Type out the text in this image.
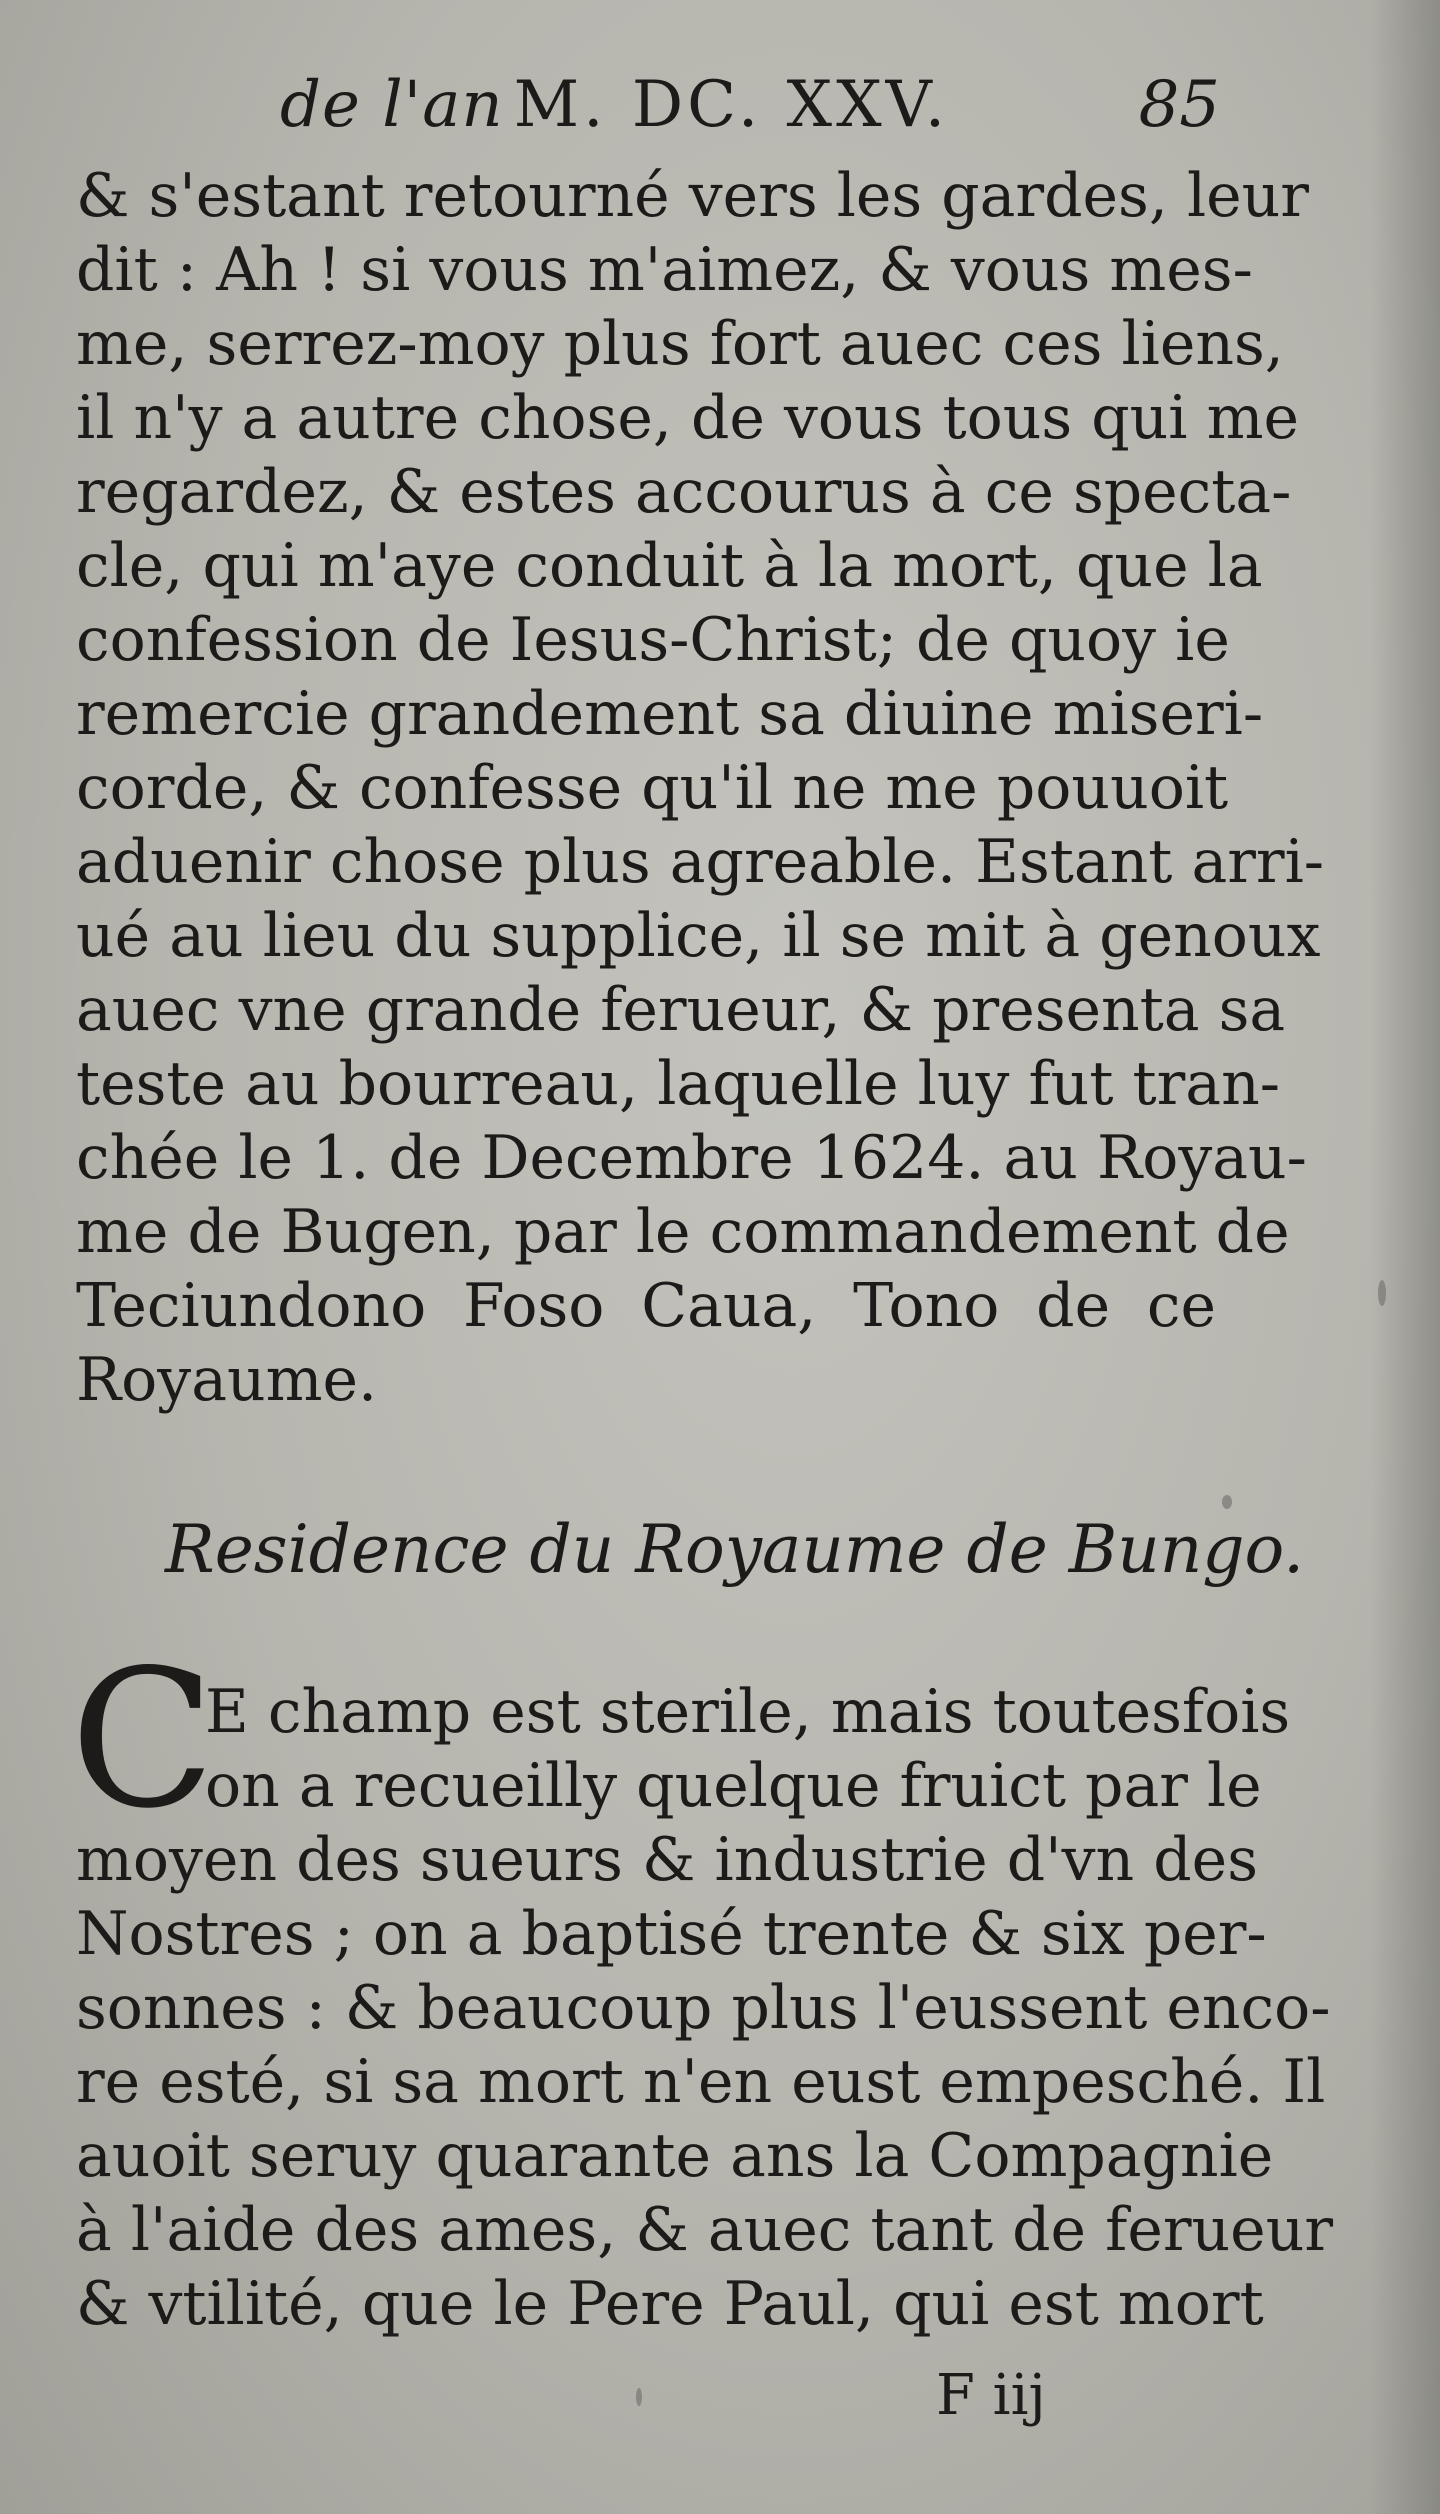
de l'an M. DC. XXV.	85
& s'estant retourné vers les gardes, leur
dit : Ah ! si vous m'aimez, & vous mes-
me, serrez-moy plus fort auec ces liens,
il n'y a autre chose, de vous tous qui me
regardez, & estes accourus à ce specta-
cle, qui m'aye conduit à la mort, que la
confession de Iesus-Christ; de quoy ie
remercie grandement sa diuine miseri-
corde, & confesse qu'il ne me pouuoit
aduenir chose plus agreable. Estant arri-
ué au lieu du supplice, il se mit à genoux
auec vne grande ferueur, & presenta sa
teste au bourreau, laquelle luy fut tran-
chée le 1. de Decembre 1624. au Royau-
me de Bugen, par le commandement de
Teciundono Foso Caua, Tono de ce
Royaume.
Residence du Royaume de Bungo.
C
E champ est sterile, mais toutesfois
on a recueilly quelque fruict par le
moyen des sueurs & industrie d'vn des
Nostres ; on a baptisé trente & six per-
sonnes : & beaucoup plus l'eussent enco-
re esté, si sa mort n'en eust empesché. Il
auoit seruy quarante ans la Compagnie
à l'aide des ames, & auec tant de ferueur
& vtilité, que le Pere Paul, qui est mort
F iij
